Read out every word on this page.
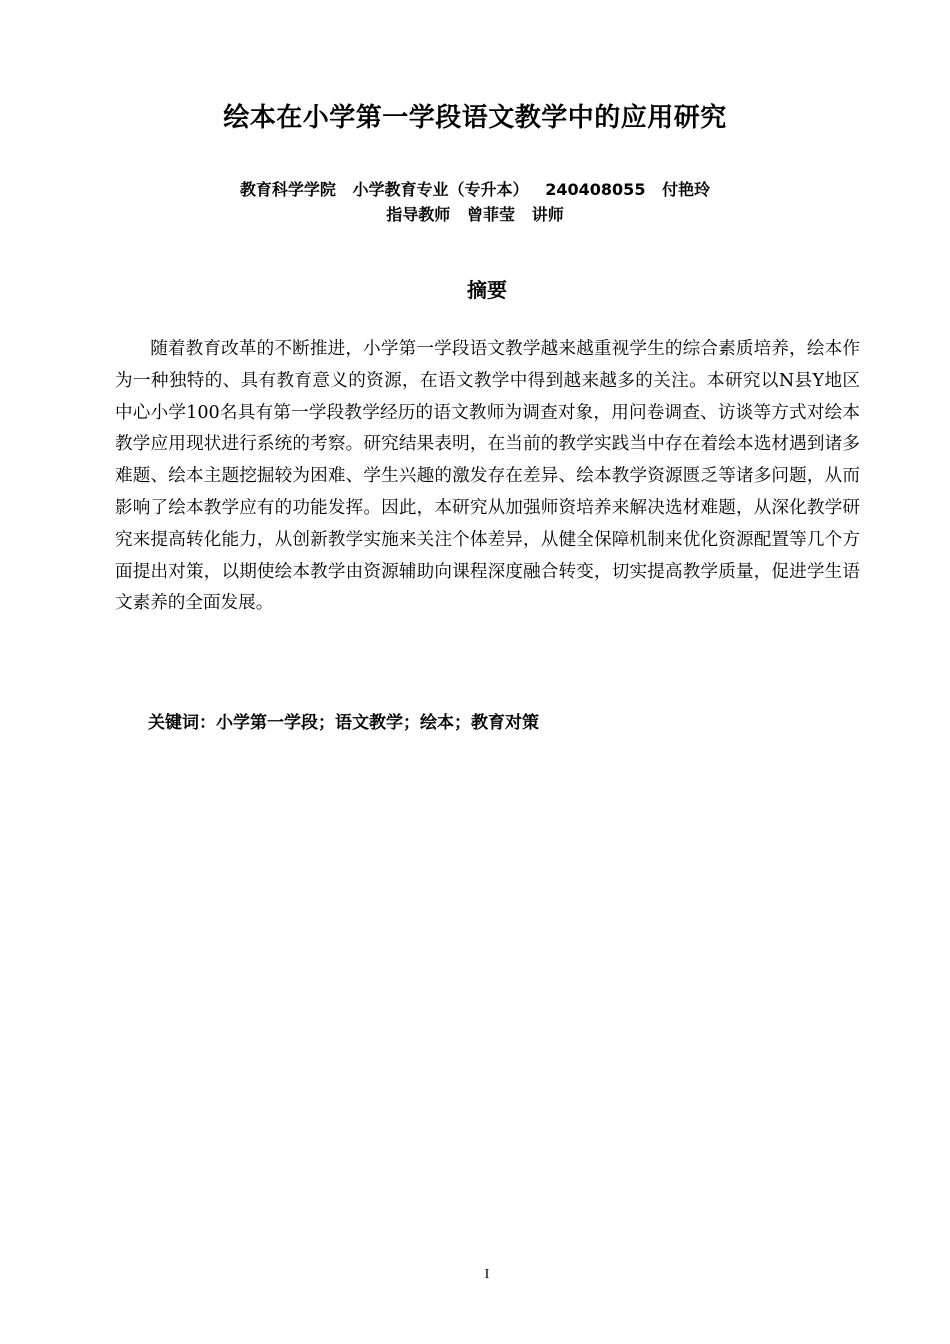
绘本在小学第一学段语文教学中的应用研究
教育科学学院   小学教育专业（专升本）   240408055   付艳玲
指导教师   曾菲莹   讲师
摘要

随着教育改革的不断推进，小学第一学段语文教学越来越重视学生的综合素质培养，绘本作为一种独特的、具有教育意义的资源，在语文教学中得到越来越多的关注。本研究以N县Y地区中心小学100名具有第一学段教学经历的语文教师为调查对象，用问卷调查、访谈等方式对绘本教学应用现状进行系统的考察。研究结果表明，在当前的教学实践当中存在着绘本选材遇到诸多难题、绘本主题挖掘较为困难、学生兴趣的激发存在差异、绘本教学资源匮乏等诸多问题，从而影响了绘本教学应有的功能发挥。因此，本研究从加强师资培养来解决选材难题，从深化教学研究来提高转化能力，从创新教学实施来关注个体差异，从健全保障机制来优化资源配置等几个方面提出对策，以期使绘本教学由资源辅助向课程深度融合转变，切实提高教学质量，促进学生语文素养的全面发展。

关键词：小学第一学段；语文教学；绘本；教育对策
I
